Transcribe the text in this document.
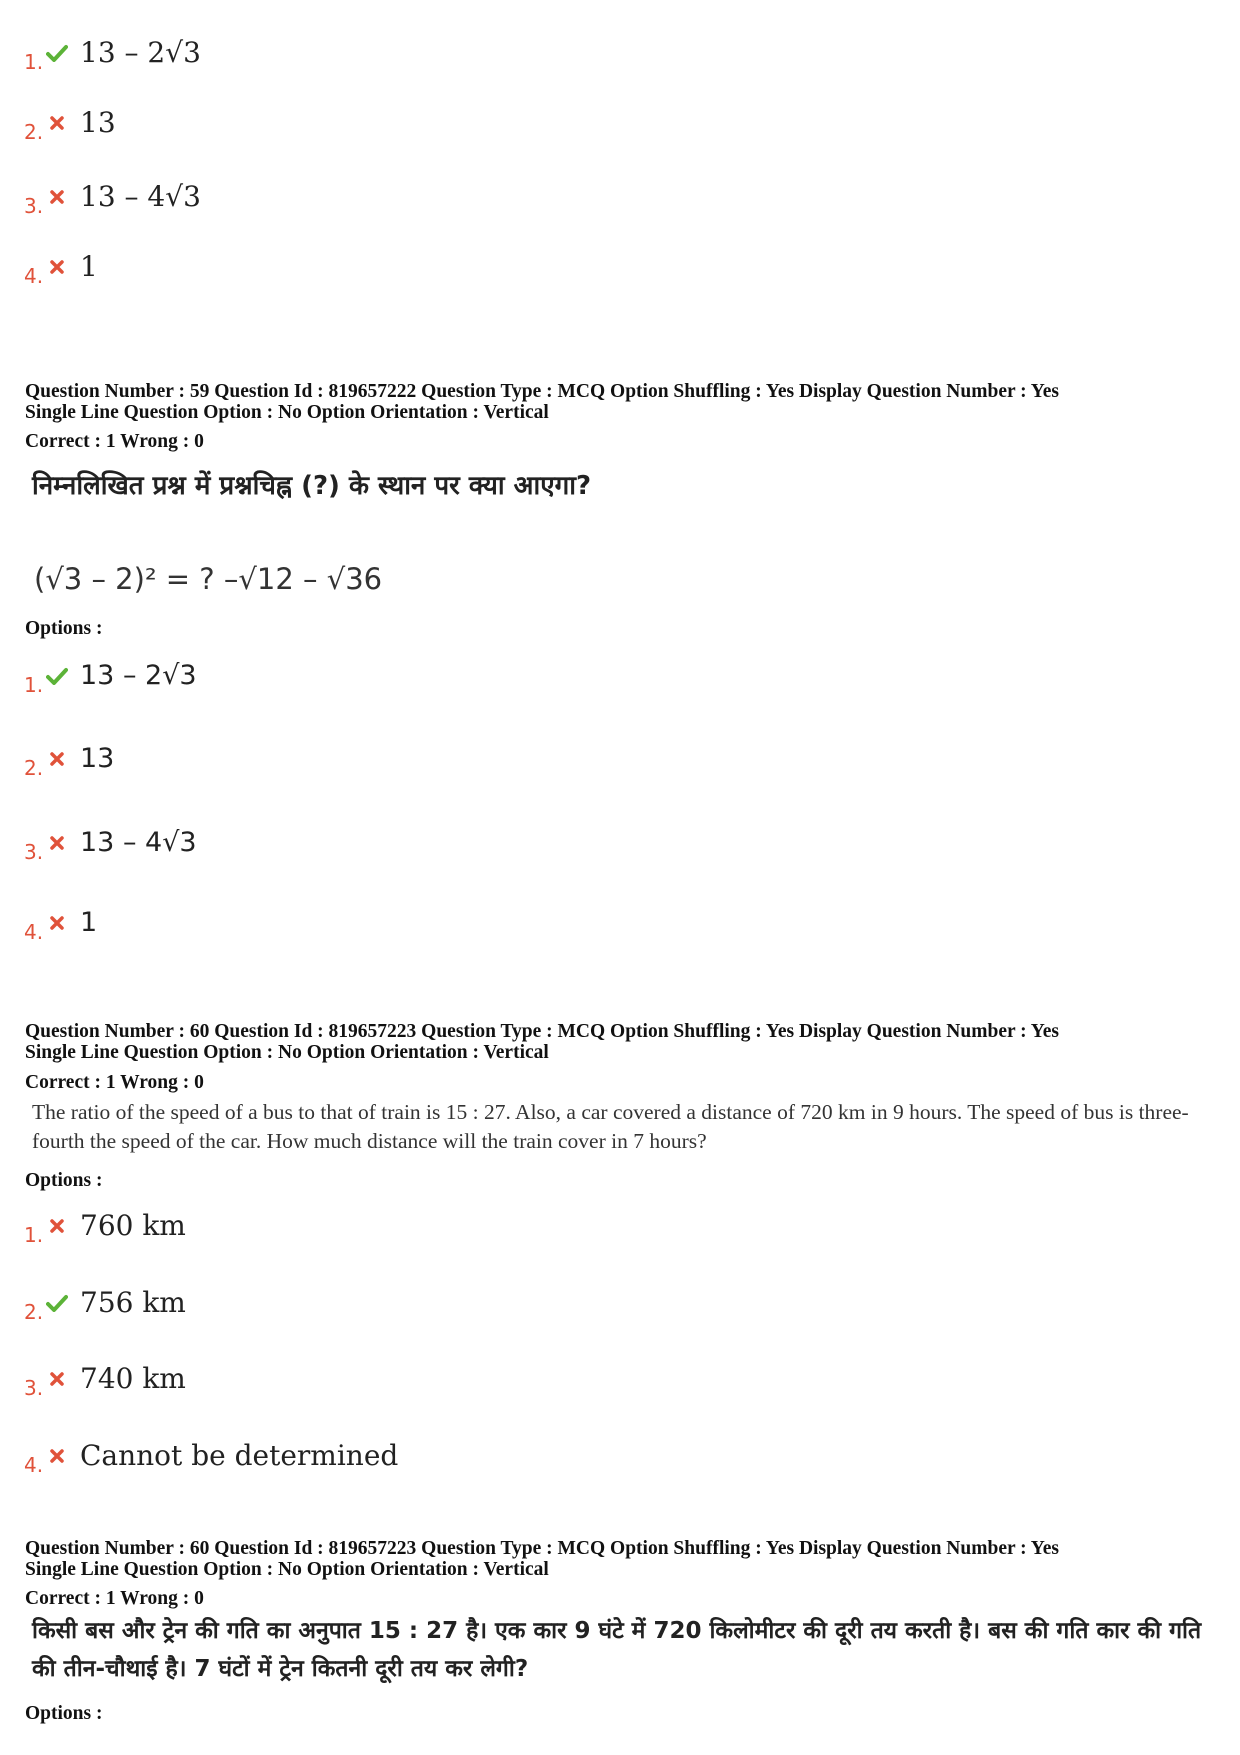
1. 13 – 2√3
2. 13
3. 13 – 4√3
4. 1
Question Number : 59 Question Id : 819657222 Question Type : MCQ Option Shuffling : Yes Display Question Number : Yes
Single Line Question Option : No Option Orientation : Vertical
Correct : 1 Wrong : 0
निम्नलिखित प्रश्न में प्रश्नचिह्न (?) के स्थान पर क्या आएगा?
(√3 – 2)² = ? –√12 – √36
Options :
1. 13 – 2√3
2. 13
3. 13 – 4√3
4. 1
Question Number : 60 Question Id : 819657223 Question Type : MCQ Option Shuffling : Yes Display Question Number : Yes
Single Line Question Option : No Option Orientation : Vertical
Correct : 1 Wrong : 0
The ratio of the speed of a bus to that of train is 15 : 27. Also, a car covered a distance of 720 km in 9 hours. The speed of bus is three-fourth the speed of the car. How much distance will the train cover in 7 hours?
Options :
1. 760 km
2. 756 km
3. 740 km
4. Cannot be determined
Question Number : 60 Question Id : 819657223 Question Type : MCQ Option Shuffling : Yes Display Question Number : Yes
Single Line Question Option : No Option Orientation : Vertical
Correct : 1 Wrong : 0
किसी बस और ट्रेन की गति का अनुपात 15 : 27 है। एक कार 9 घंटे में 720 किलोमीटर की दूरी तय करती है। बस की गति कार की गति की तीन-चौथाई है। 7 घंटों में ट्रेन कितनी दूरी तय कर लेगी?
Options :
